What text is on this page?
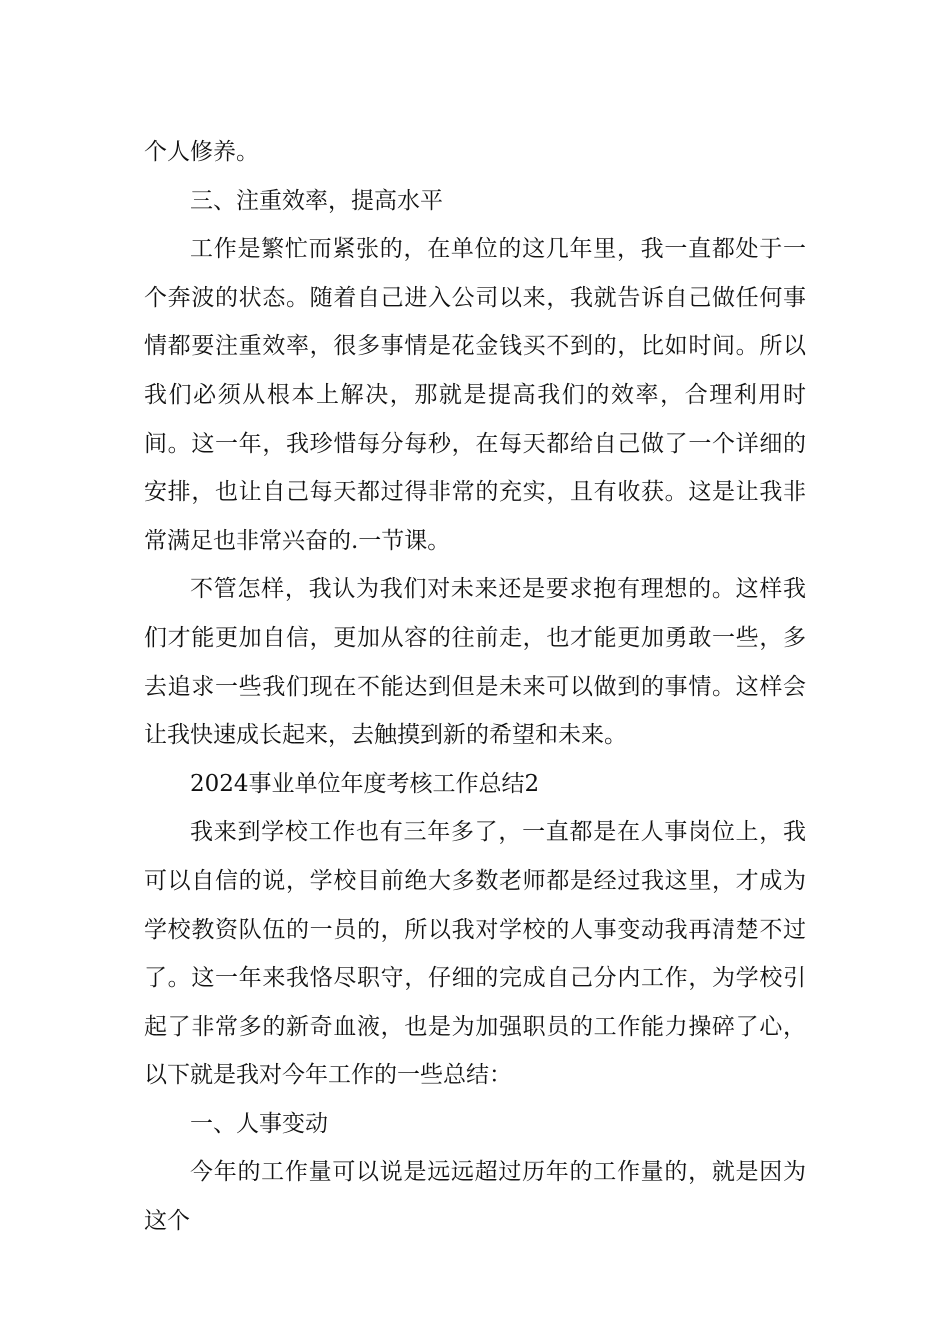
个人修养。

三、注重效率，提高水平

工作是繁忙而紧张的，在单位的这几年里，我一直都处于一个奔波的状态。随着自己进入公司以来，我就告诉自己做任何事情都要注重效率，很多事情是花金钱买不到的，比如时间。所以我们必须从根本上解决，那就是提高我们的效率，合理利用时间。这一年，我珍惜每分每秒，在每天都给自己做了一个详细的安排，也让自己每天都过得非常的充实，且有收获。这是让我非常满足也非常兴奋的.一节课。

不管怎样，我认为我们对未来还是要求抱有理想的。这样我们才能更加自信，更加从容的往前走，也才能更加勇敢一些，多去追求一些我们现在不能达到但是未来可以做到的事情。这样会让我快速成长起来，去触摸到新的希望和未来。

2024事业单位年度考核工作总结2

我来到学校工作也有三年多了，一直都是在人事岗位上，我可以自信的说，学校目前绝大多数老师都是经过我这里，才成为学校教资队伍的一员的，所以我对学校的人事变动我再清楚不过了。这一年来我恪尽职守，仔细的完成自己分内工作，为学校引起了非常多的新奇血液，也是为加强职员的工作能力操碎了心，以下就是我对今年工作的一些总结：

一、人事变动

今年的工作量可以说是远远超过历年的工作量的，就是因为这个
